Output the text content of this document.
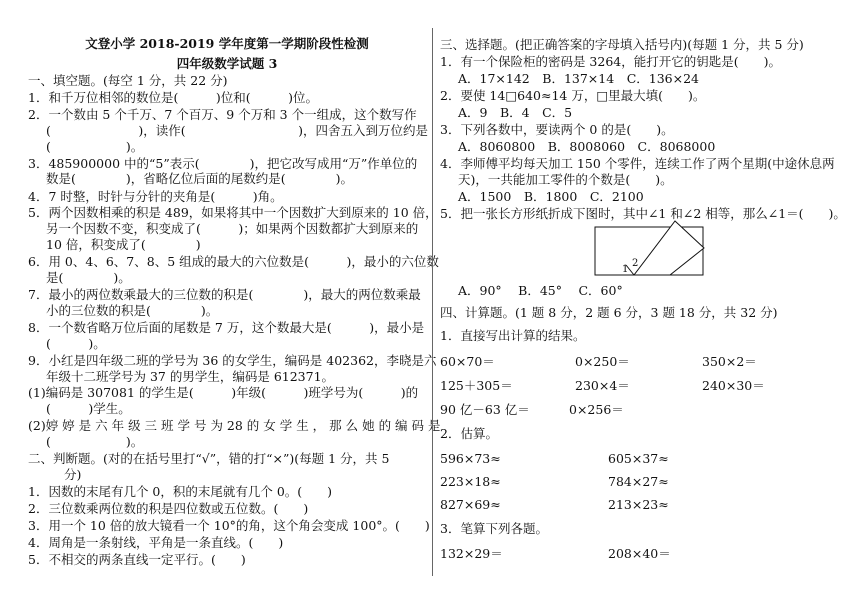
文登小学 2018-2019 学年度第一学期阶段性检测
四年级数学试题 3
一、填空题。(每空 1 分，共 22 分)
1．和千万位相邻的数位是(　　　)位和(　　　)位。
2．一个数由 5 个千万、7 个百万、9 个万和 3 个一组成，这个数写作
(　　　　　　　)，读作(　　　　　　　　　)，四舍五入到万位约是
(　　　　　　)。
3．485900000 中的“5”表示(　　　　)，把它改写成用“万”作单位的
数是(　　　　)，省略亿位后面的尾数约是(　　　　)。
4．7 时整，时针与分针的夹角是(　　　)角。
5．两个因数相乘的积是 489，如果将其中一个因数扩大到原来的 10 倍，
另一个因数不变，积变成了(　　　)；如果两个因数都扩大到原来的
10 倍，积变成了(　　　　)
6．用 0、4、6、7、8、5 组成的最大的六位数是(　　　)，最小的六位数
是(　　　　)。
7．最小的两位数乘最大的三位数的积是(　　　　)，最大的两位数乘最
小的三位数的积是(　　　　)。
8．一个数省略万位后面的尾数是 7 万，这个数最大是(　　　)，最小是
(　　　)。
9．小红是四年级二班的学号为 36 的女学生，编码是 402362，李晓是六
年级十二班学号为 37 的男学生，编码是 612371。
(1)编码是 307081 的学生是(　　　)年级(　　　)班学号为(　　　)的
(　　　)学生。
(2)婷 婷 是 六 年 级 三 班 学 号 为 28 的 女 学 生 ， 那 么 她 的 编 码 是
(　　　　　　)。
二、判断题。(对的在括号里打“√”，错的打“×”)(每题 1 分，共 5
分)
1．因数的末尾有几个 0，积的末尾就有几个 0。(　　)
2．三位数乘两位数的积是四位数或五位数。(　　)
3．用一个 10 倍的放大镜看一个 10°的角，这个角会变成 100°。(　　)
4．周角是一条射线，平角是一条直线。(　　)
5．不相交的两条直线一定平行。(　　)
三、选择题。(把正确答案的字母填入括号内)(每题 1 分，共 5 分)
1．有一个保险柜的密码是 3264，能打开它的钥匙是(　　)。
A．17×142　B．137×14　C．136×24
2．要使 14□640≈14 万，□里最大填(　　)。
A．9　B．4　C．5
3．下列各数中，要读两个 0 的是(　　)。
A．8060800　B．8008060　C．8068000
4．李师傅平均每天加工 150 个零件，连续工作了两个星期(中途休息两
天)，一共能加工零件的个数是(　　)。
A．1500　B．1800　C．2100
5．把一张长方形纸折成下图时，其中∠1 和∠2 相等，那么∠1＝(　　)。
1
2
A．90°　 B．45°　 C．60°
四、计算题。(1 题 8 分，2 题 6 分，3 题 18 分，共 32 分)
1．直接写出计算的结果。
60×70＝	0×250＝	350×2＝
125＋305＝	230×4＝	240×30＝
90 亿－63 亿＝	0×256＝
2．估算。
596×73≈	605×37≈
223×18≈	784×27≈
827×69≈	213×23≈
3．笔算下列各题。
132×29＝	208×40＝
